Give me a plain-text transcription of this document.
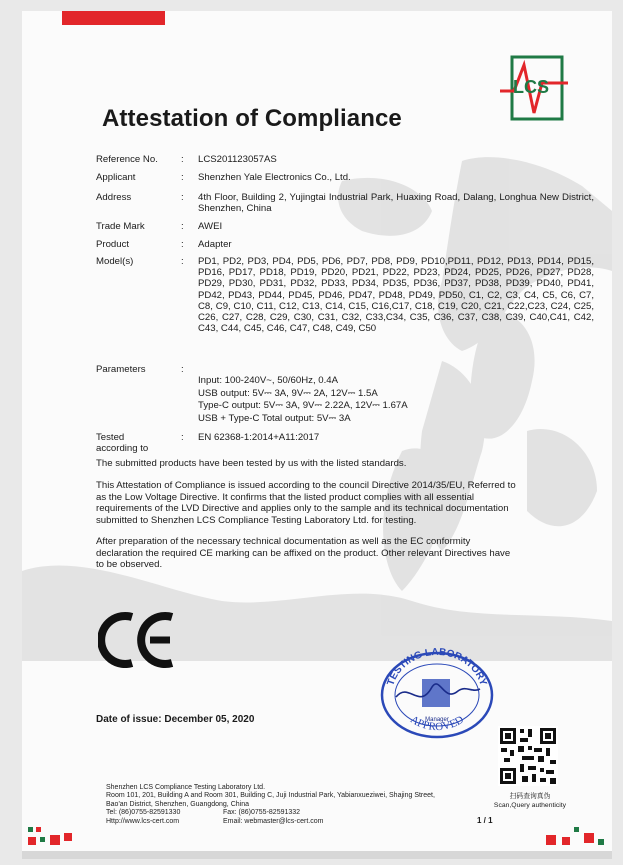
LCS
Attestation of Compliance
Reference No.	: LCS201123057AS
Applicant	: Shenzhen Yale Electronics Co., Ltd.
Address	: 4th Floor, Building 2, Yujingtai Industrial Park, Huaxing Road, Dalang, Longhua New District, Shenzhen, China
Trade Mark	: AWEI
Product	: Adapter
Model(s)	: PD1, PD2, PD3, PD4, PD5, PD6, PD7, PD8, PD9, PD10,PD11, PD12, PD13, PD14, PD15, PD16, PD17, PD18, PD19, PD20, PD21, PD22, PD23, PD24, PD25, PD26, PD27, PD28, PD29, PD30, PD31, PD32, PD33, PD34, PD35, PD36, PD37, PD38, PD39, PD40, PD41, PD42, PD43, PD44, PD45, PD46, PD47, PD48, PD49, PD50, C1, C2, C3, C4, C5, C6, C7, C8, C9, C10, C11, C12, C13, C14, C15, C16,C17, C18, C19, C20, C21, C22,C23, C24, C25, C26, C27, C28, C29, C30, C31, C32, C33,C34, C35, C36, C37, C38, C39, C40,C41, C42, C43, C44, C45, C46, C47, C48, C49, C50
Parameters	:
Input: 100-240V~, 50/60Hz, 0.4A
USB output: 5V⎓ 3A, 9V⎓ 2A, 12V⎓ 1.5A
Type-C output: 5V⎓ 3A, 9V⎓ 2.22A, 12V⎓ 1.67A
USB + Type-C Total output: 5V⎓ 3A
Tested according to
: EN 62368-1:2014+A11:2017
The submitted products have been tested by us with the listed standards.
This Attestation of Compliance is issued according to the council Directive 2014/35/EU, Referred to as the Low Voltage Directive. It confirms that the listed product complies with all essential requirements of the LVD Directive and applies only to the sample and its technical documentation submitted to Shenzhen LCS Compliance Testing Laboratory Ltd. for testing.
After preparation of the necessary technical documentation as well as the EC conformity declaration the required CE marking can be affixed on the product. Other relevant Directives have to be observed.
TESTING LABORATORY
APPROVED
Manager
Date of issue: December 05, 2020
扫码查询真伪
Scan,Query authenticity
Shenzhen LCS Compliance Testing Laboratory Ltd.
Room 101, 201, Building A and Room 301, Building C, Juji Industrial Park, Yabianxueziwei, Shajing Street,
Bao'an District, Shenzhen, Guangdong, China
Tel: (86)0755-82591330	Fax: (86)0755-82591332
Http://www.lcs-cert.com	Email: webmaster@lcs-cert.com	1 / 1
